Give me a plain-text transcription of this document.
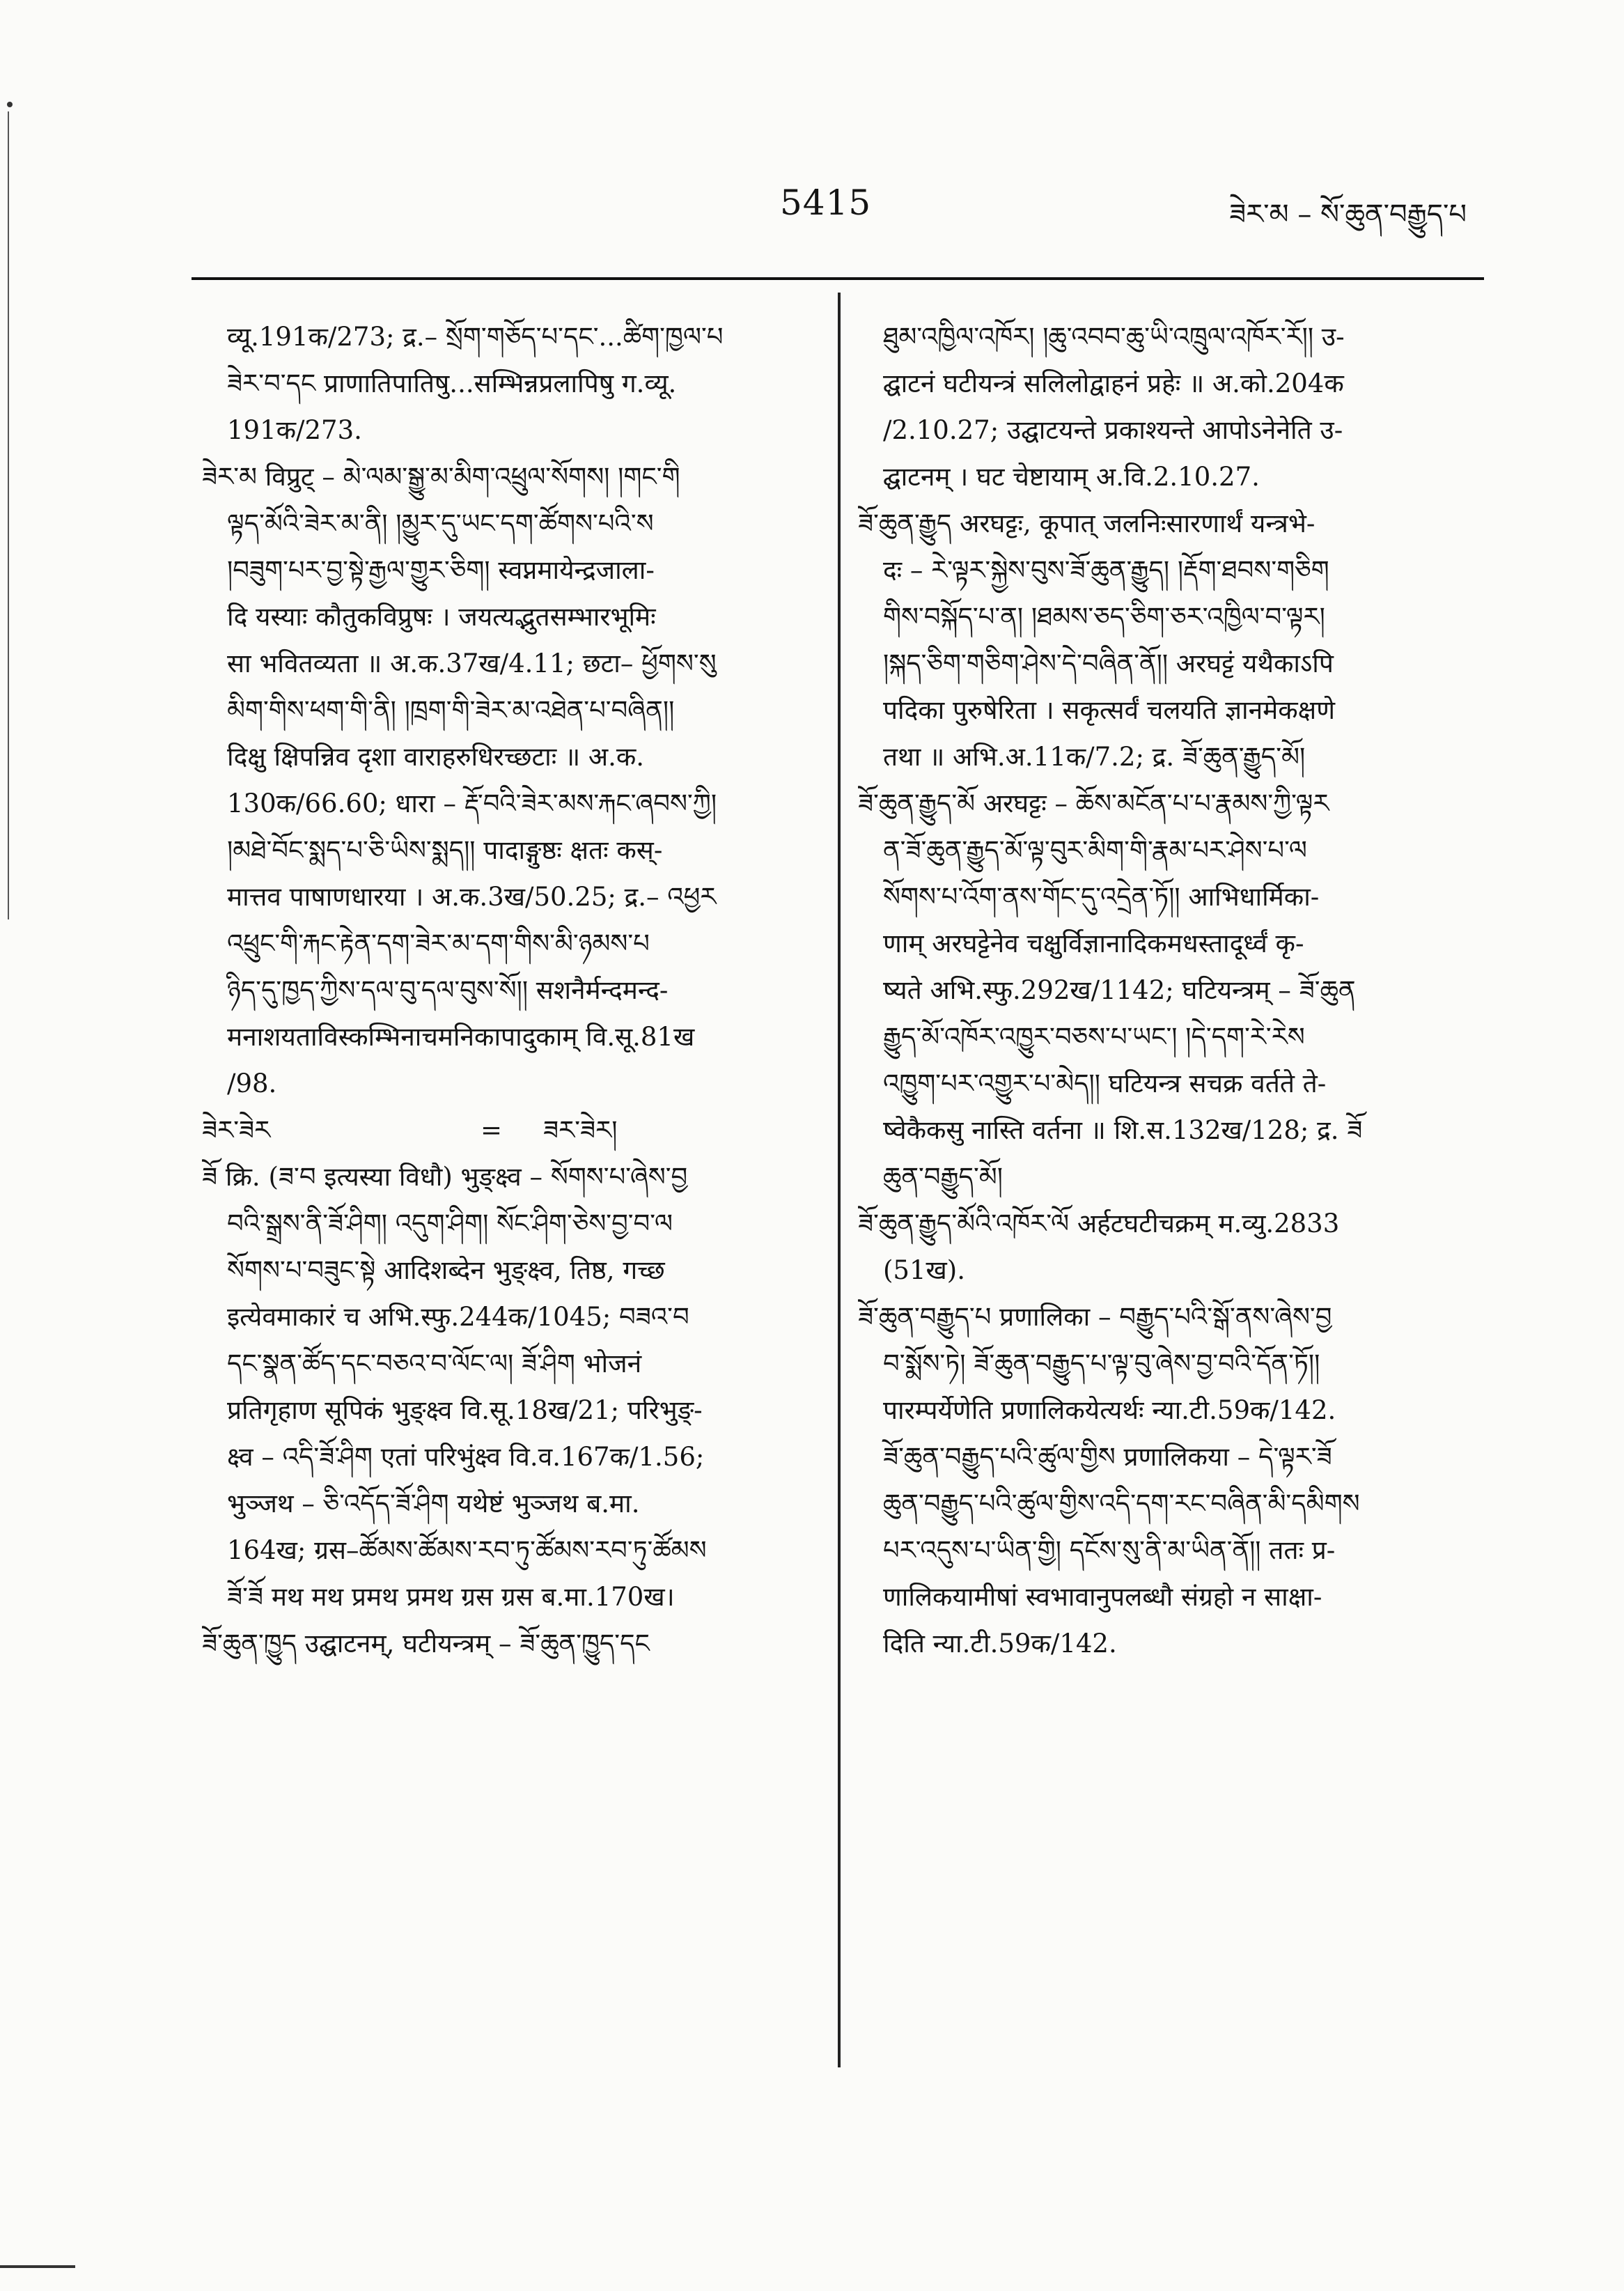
5415	ཟེར་མ – སོ་ཆུན་བརྒྱུད་པ
व्यू.191क/273; द्र.– སྲོག་གཅོད་པ་དང་...ཚིག་ཁྱལ་པ
ཟེར་བ་དང प्राणातिपातिषु...सम्भिन्नप्रलापिषु ग.व्यू.
191क/273.
ཟེར་མ विप्रुट् – མེ་ལམ་སྒྱུ་མ་མིག་འཕྲུལ་སོགས། །གང་གི
ལྟད་མོའི་ཟེར་མ་ནི། །མྱུར་དུ་ཡང་དག་ཚོགས་པའི་ས
།བཟུག་པར་བྱ་སྟེ་རྒྱལ་གྱུར་ཅིག། स्वप्नमायेन्द्रजाला-
दि यस्याः कौतुकविप्रुषः । जयत्यद्भुतसम्भारभूमिः
सा भवितव्यता ॥ अ.क.37ख/4.11; छटा– ཕྱོགས་སུ
མིག་གིས་ཕག་གི་ནི། །ཁྲག་གི་ཟེར་མ་འཐེན་པ་བཞིན།།
दिक्षु क्षिपन्निव दृशा वाराहरुधिरच्छटाः ॥ अ.क.
130क/66.60; धारा – རྡོ་བའི་ཟེར་མས་རྐང་ཞབས་ཀྱི།
།མཐེ་བོང་སྨད་པ་ཅི་ཡིས་སྨད།། पादाङ्गुष्ठः क्षतः कस्-
मात्तव पाषाणधारया । अ.क.3ख/50.25; द्र.– འཕྱར
འཕྲུང་གི་རྐང་རྟེན་དག་ཟེར་མ་དག་གིས་མི་ཉམས་པ
ཉིད་དུ་ཁྱད་ཀྱིས་དལ་བུ་དལ་བུས་སོ།། सशनैर्मन्दमन्द-
मनाशयताविस्कम्भिनाचमनिकापादुकाम् वि.सू.81ख
/98.
ཟེར་ཟེར	= ཟར་ཟེར།
ཟོ क्रि. (ཟ་བ इत्यस्या विधौ) भुङ्क्ष्व – སོགས་པ་ཞེས་བྱ
བའི་སྒྲས་ནི་ཟོ་ཤིག། འདུག་ཤིག། སོང་ཤིག་ཅེས་བྱ་བ་ལ
སོགས་པ་བཟུང་སྟེ आदिशब्देन भुङ्क्ष्व, तिष्ठ, गच्छ
इत्येवमाकारं च अभि.स्फु.244क/1045; བཟའ་བ
དང་སྣན་ཚོད་དང་བཅའ་བ་ལོང་ལ། ཟོ་ཤིག भोजनं
प्रतिगृहाण सूपिकं भुङ्क्ष्व वि.सू.18ख/21; परिभुङ्-
क्ष्व – འདི་ཟོ་ཤིག एतां परिभुंक्ष्व वि.व.167क/1.56;
भुञ्जथ – ཅི་འདོད་ཟོ་ཤིག यथेष्टं भुञ्जथ ब.मा.
164ख; ग्रस–ཚོམས་ཚོམས་རབ་ཏུ་ཚོམས་རབ་ཏུ་ཚོམས
ཟོ་ཟོ मथ मथ प्रमथ प्रमथ ग्रस ग्रस ब.मा.170ख।
ཟོ་ཆུན་ཁྱུད उद्घाटनम्, घटीयन्त्रम् – ཟོ་ཆུན་ཁྱུད་དང
ཐུམ་འཁྱིལ་འཁོར། །ཆུ་འབབ་ཆུ་ཡི་འཁྲུལ་འཁོར་རོ།། उ-
द्घाटनं घटीयन्त्रं सलिलोद्वाहनं प्रहेः ॥ अ.को.204क
/2.10.27; उद्घाटयन्ते प्रकाश्यन्ते आपोऽनेनेति उ-
द्घाटनम् । घट चेष्टायाम् अ.वि.2.10.27.
ཟོ་ཆུན་རྒྱུད अरघट्टः, कूपात् जलनिःसारणार्थं यन्त्रभे-
दः – རེ་ལྟར་སྐྱེས་བུས་ཟོ་ཆུན་རྒྱུད། །རྡོག་ཐབས་གཅིག
གིས་བསྐོད་པ་ན། །ཐམས་ཅད་ཅིག་ཅར་འཁྱིལ་བ་ལྟར།
།སྐད་ཅིག་གཅིག་ཤེས་དེ་བཞིན་ནོ།། अरघट्टं यथैकाऽपि
पदिका पुरुषेरिता । सकृत्सर्वं चलयति ज्ञानमेकक्षणे
तथा ॥ अभि.अ.11क/7.2; द्र. ཟོ་ཆུན་རྒྱུད་མོ།
ཟོ་ཆུན་རྒྱུད་མོ अरघट्टः – ཆོས་མངོན་པ་པ་རྣམས་ཀྱི་ལྟར
ན་ཟོ་ཆུན་རྒྱུད་མོ་ལྟ་བུར་མིག་གི་རྣམ་པར་ཤེས་པ་ལ
སོགས་པ་འོག་ནས་གོང་དུ་འདྲེན་ཏོ།། आभिधार्मिका-
णाम् अरघट्टेनेव चक्षुर्विज्ञानादिकमधस्तादूर्ध्वं कृ-
ष्यते अभि.स्फु.292ख/1142; घटियन्त्रम् – ཟོ་ཆུན
རྒྱུད་མོ་འཁོར་འཁྱུར་བཅས་པ་ཡང་། །དེ་དག་རེ་རེས
འཁྱུག་པར་འགྱུར་པ་མེད།། घटियन्त्र सचक्र वर्तते ते-
ष्वेकैकसु नास्ति वर्तना ॥ शि.स.132ख/128; द्र. ཟོ
ཆུན་བརྒྱུད་མོ།
ཟོ་ཆུན་རྒྱུད་མོའི་འཁོར་ལོ अर्हटघटीचक्रम् म.व्यु.2833
(51ख).
ཟོ་ཆུན་བརྒྱུད་པ प्रणालिका – བརྒྱུད་པའི་སྒོ་ནས་ཞེས་བྱ
བ་སྨོས་ཏེ། ཟོ་ཆུན་བརྒྱུད་པ་ལྟ་བུ་ཞེས་བྱ་བའི་དོན་ཏོ།།
पारम्पर्येणेति प्रणालिकयेत्यर्थः न्या.टी.59क/142.
ཟོ་ཆུན་བརྒྱུད་པའི་ཚུལ་གྱིས प्रणालिकया – དེ་ལྟར་ཟོ
ཆུན་བརྒྱུད་པའི་ཚུལ་གྱིས་འདི་དག་རང་བཞིན་མི་དམིགས
པར་འདུས་པ་ཡིན་གྱི། དངོས་སུ་ནི་མ་ཡིན་ནོ།། ततः प्र-
णालिकयामीषां स्वभावानुपलब्धौ संग्रहो न साक्षा-
दिति न्या.टी.59क/142.
